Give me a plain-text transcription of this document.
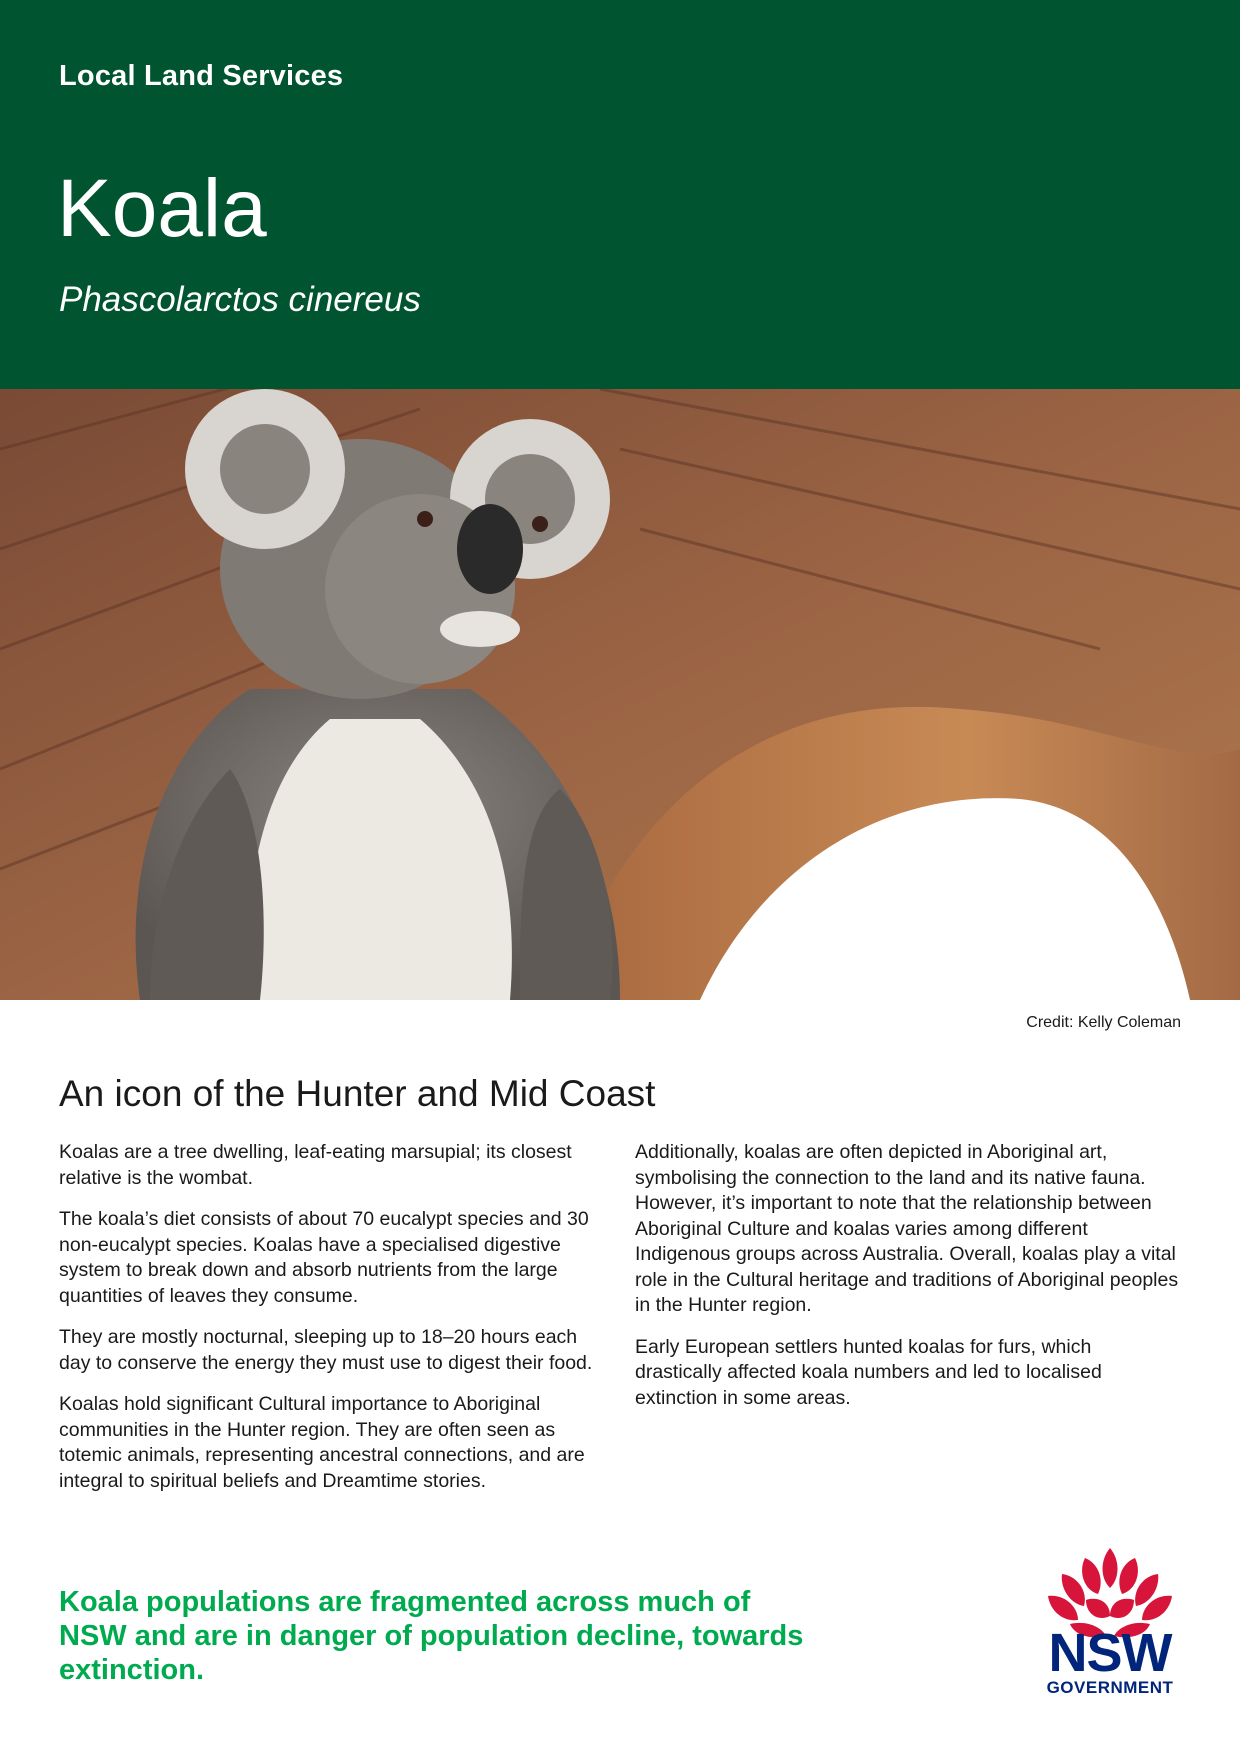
Local Land Services
Koala
Phascolarctos cinereus
Credit: Kelly Coleman
An icon of the Hunter and Mid Coast

Koalas are a tree dwelling, leaf-eating marsupial; its closest relative is the wombat.

The koala’s diet consists of about 70 eucalypt species and 30 non-eucalypt species. Koalas have a specialised digestive system to break down and absorb nutrients from the large quantities of leaves they consume.

They are mostly nocturnal, sleeping up to 18–20 hours each day to conserve the energy they must use to digest their food.

Koalas hold significant Cultural importance to Aboriginal communities in the Hunter region. They are often seen as totemic animals, representing ancestral connections, and are integral to spiritual beliefs and Dreamtime stories.

Additionally, koalas are often depicted in Aboriginal art, symbolising the connection to the land and its native fauna. However, it’s important to note that the relationship between Aboriginal Culture and koalas varies among different Indigenous groups across Australia. Overall, koalas play a vital role in the Cultural heritage and traditions of Aboriginal peoples in the Hunter region.

Early European settlers hunted koalas for furs, which drastically affected koala numbers and led to localised extinction in some areas.

Koala populations are fragmented across much of NSW and are in danger of population decline, towards extinction.	NSW
GOVERNMENT
